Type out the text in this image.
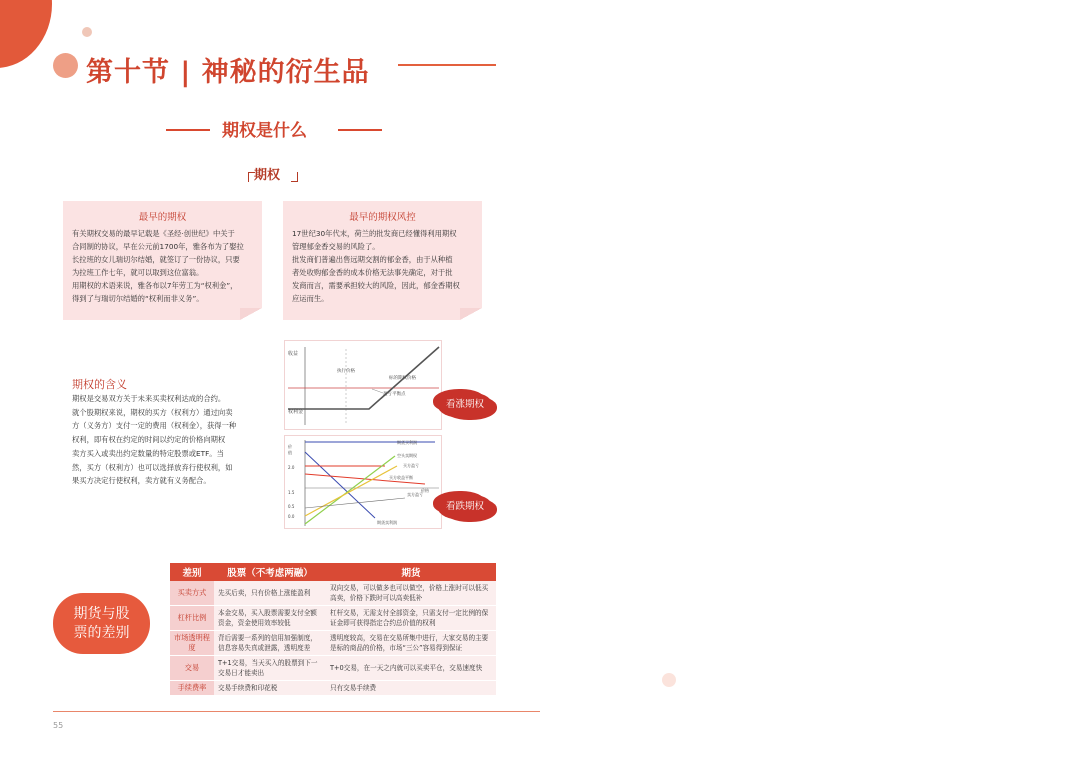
第十节 | 神秘的衍生品
期权是什么
期权
最早的期权
有关期权交易的最早记载是《圣经·创世纪》中关于
合同制的协议，早在公元前1700年，雅各布为了娶拉
长拉班的女儿瑞切尔结婚，就签订了一份协议，只要
为拉班工作七年，就可以取到这位富翁。
用期权的术语来说，雅各布以7年劳工为“权利金”，
得到了与瑞切尔结婚的“权利而非义务”。
最早的期权风控
17世纪30年代末，荷兰的批发商已经懂得利用期权
管理郁金香交易的风险了。
批发商们普遍出售远期交割的郁金香，由于从种植
者处收购郁金香的成本价格无法事先确定，对于批
发商而言，需要承担较大的风险，因此，郁金香期权
应运而生。
期权的含义
期权是交易双方关于未来买卖权利达成的合约。
就个股期权来说，期权的买方（权利方）通过向卖
方（义务方）支付一定的费用（权利金），获得一种
权利，即有权在约定的时间以约定的价格向期权
卖方买入或卖出约定数量的特定股票或ETF。当
然，买方（权利方）也可以选择放弃行使权利，如
果买方决定行使权利，卖方就有义务配合。
收益
权利金
执行价格
标的期权价格
盈亏平衡点
看涨期权
价
值
2.0
1.5
0.5
0.0
期货买利润
空头卖期权
买方盈亏
买方收益平衡
卖方盈亏
期货卖利润
价格
看跌期权
期货与股
票的差别
差别	股票（不考虑两融）	期货
买卖方式	先买后卖，只有价格上涨能盈利	双向交易，可以做多也可以做空，价格上涨时可以低买高卖，价格下跌时可以高卖低补
杠杆比例	本金交易，买入股票需要支付全额资金，资金使用效率较低	杠杆交易，无需支付全部资金，只需支付一定比例的保证金即可获得指定合约总价值的权利
市场透明程度	背后需要一系列的信用加强制度，信息容易失真或泄露，透明度差	透明度较高，交易在交易所集中进行，大家交易的主要是标的商品的价格，市场“三公”容易得到保证
交易	T+1交易，当天买入的股票到下一交易日才能卖出	T+0交易，在一天之内就可以买卖平仓，交易速度快
手续费率	交易手续费和印花税	只有交易手续费
55
